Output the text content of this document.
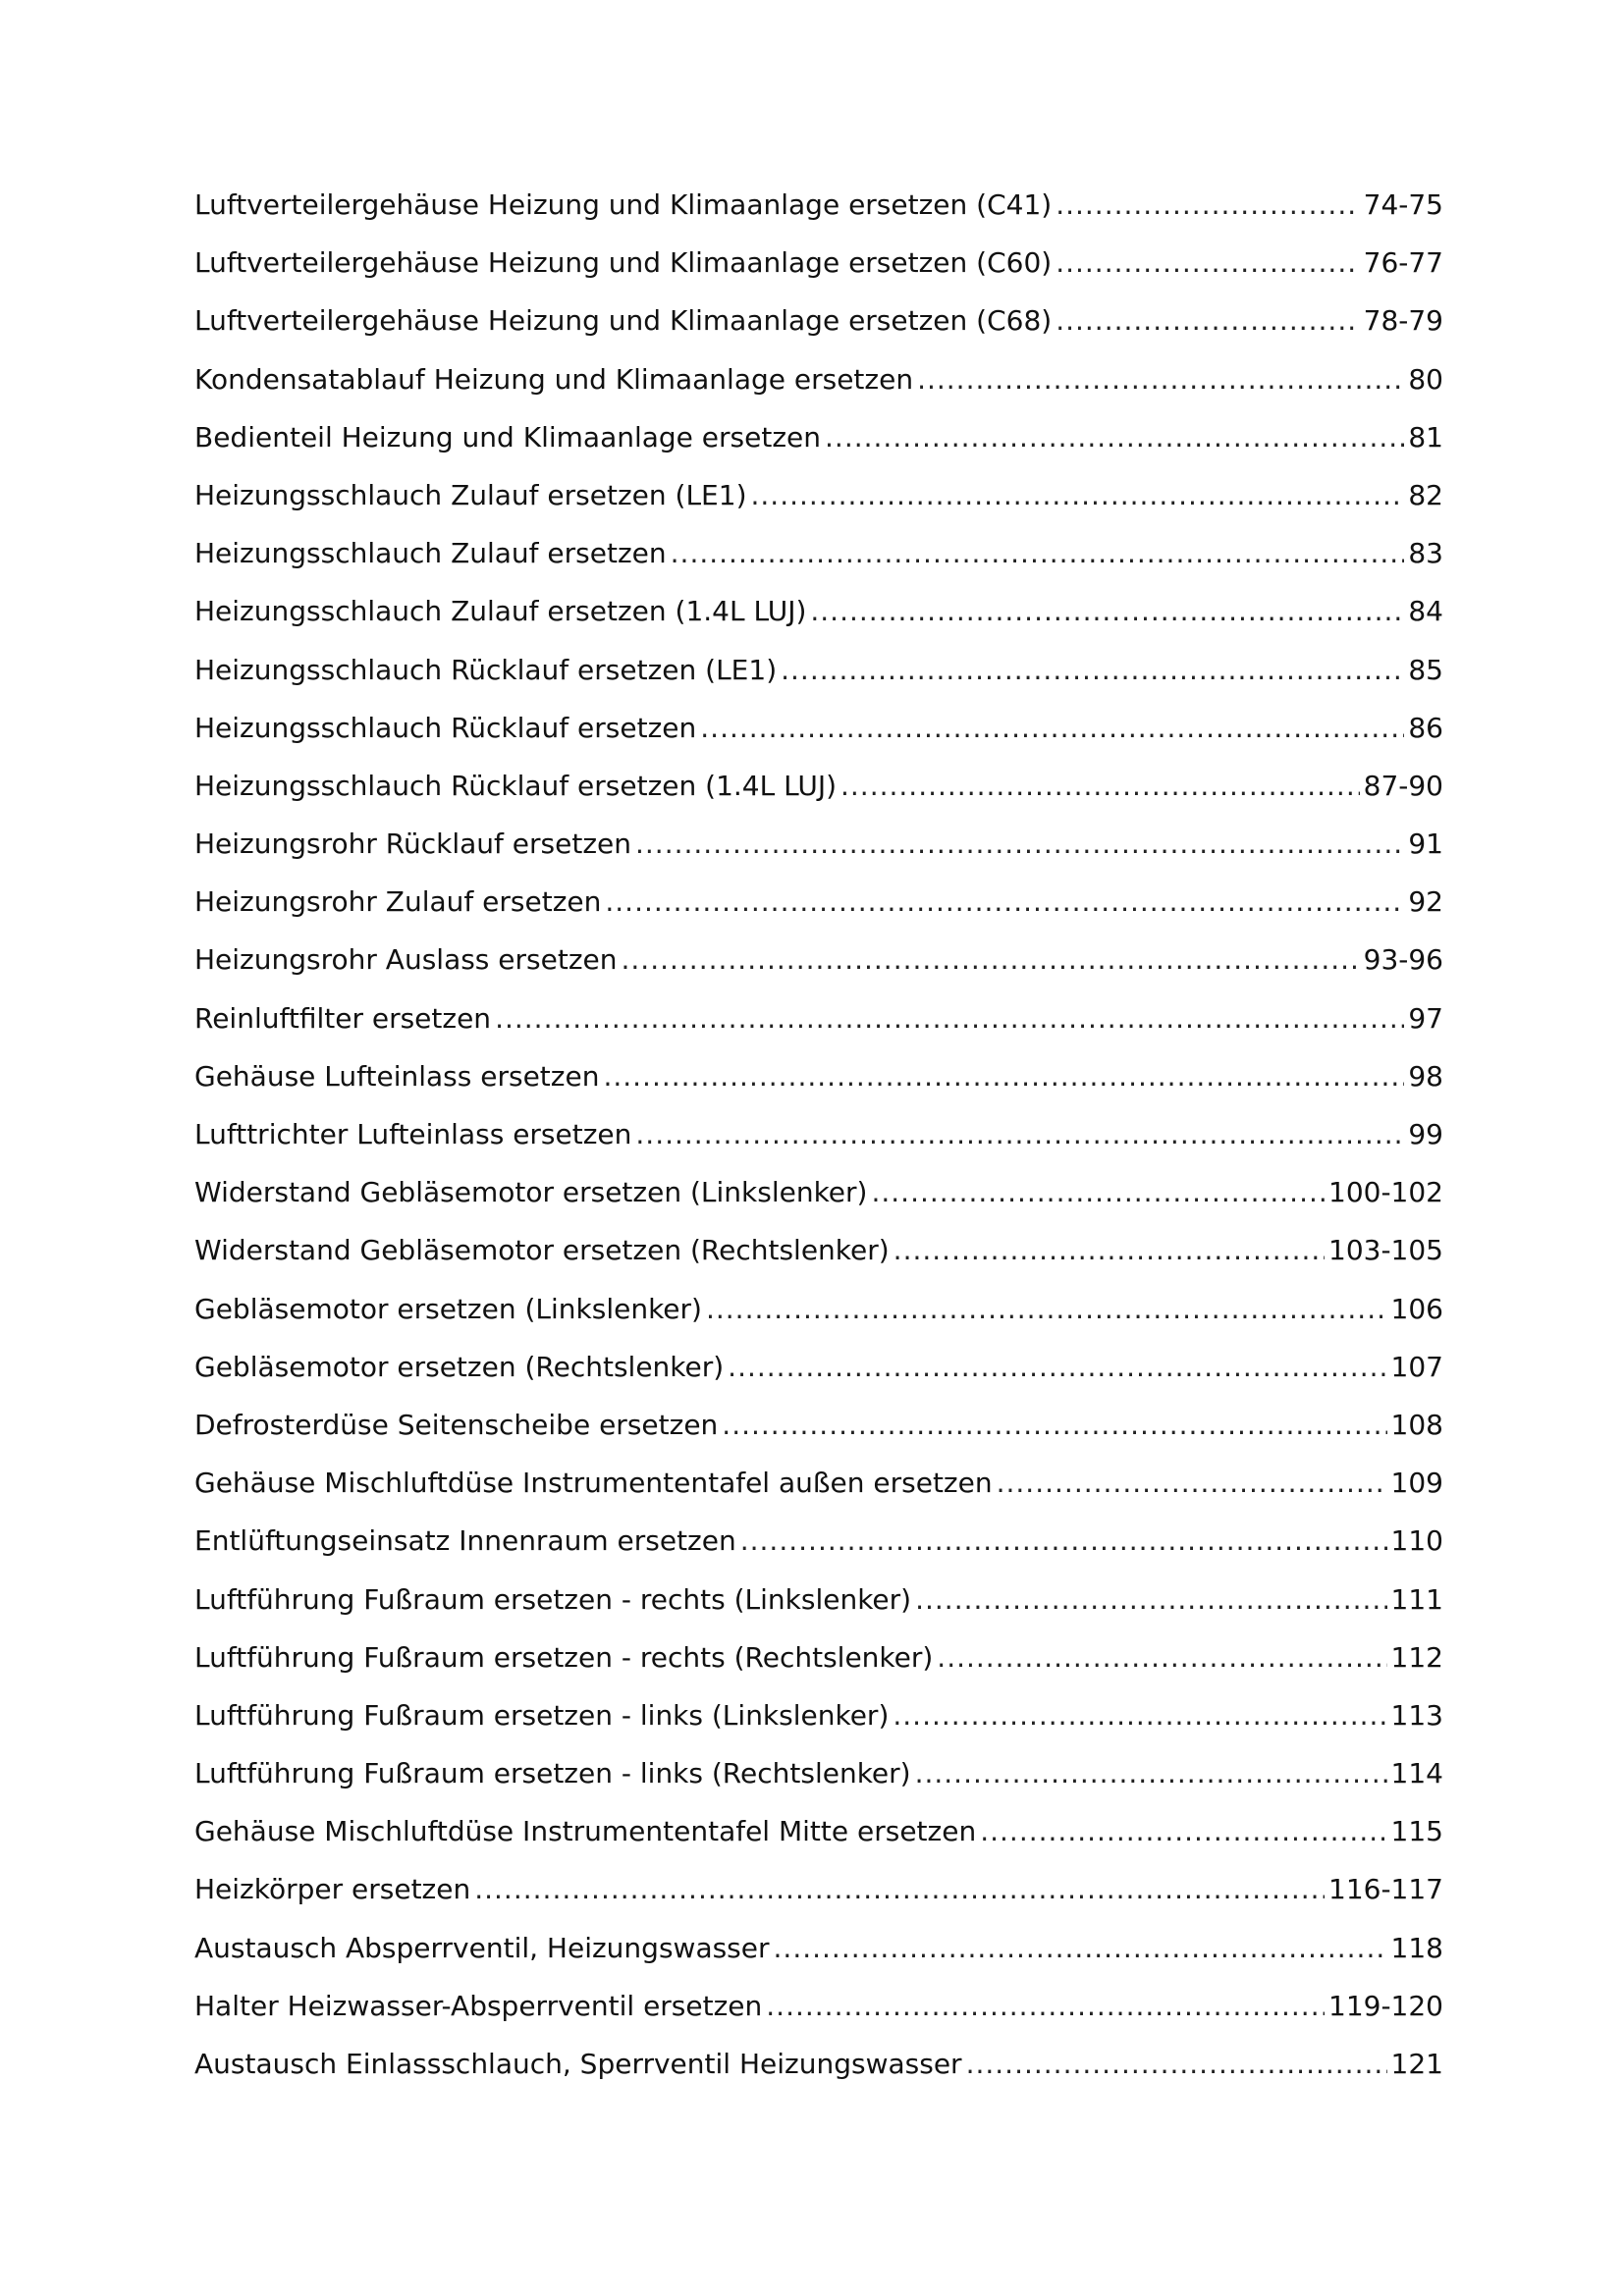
Luftverteilergehäuse Heizung und Klimaanlage ersetzen (C41) .....	74-75
Luftverteilergehäuse Heizung und Klimaanlage ersetzen (C60) .....	76-77
Luftverteilergehäuse Heizung und Klimaanlage ersetzen (C68) .....	78-79
Kondensatablauf Heizung und Klimaanlage ersetzen .....	80
Bedienteil Heizung und Klimaanlage ersetzen .....	81
Heizungsschlauch Zulauf ersetzen (LE1) .....	82
Heizungsschlauch Zulauf ersetzen .....	83
Heizungsschlauch Zulauf ersetzen (1.4L LUJ) .....	84
Heizungsschlauch Rücklauf ersetzen (LE1) .....	85
Heizungsschlauch Rücklauf ersetzen .....	86
Heizungsschlauch Rücklauf ersetzen (1.4L LUJ) .....	87-90
Heizungsrohr Rücklauf ersetzen .....	91
Heizungsrohr Zulauf ersetzen .....	92
Heizungsrohr Auslass ersetzen .....	93-96
Reinluftfilter ersetzen .....	97
Gehäuse Lufteinlass ersetzen .....	98
Lufttrichter Lufteinlass ersetzen .....	99
Widerstand Gebläsemotor ersetzen (Linkslenker) .....	100-102
Widerstand Gebläsemotor ersetzen (Rechtslenker) .....	103-105
Gebläsemotor ersetzen (Linkslenker) .....	106
Gebläsemotor ersetzen (Rechtslenker) .....	107
Defrosterdüse Seitenscheibe ersetzen .....	108
Gehäuse Mischluftdüse Instrumententafel außen ersetzen .....	109
Entlüftungseinsatz Innenraum ersetzen .....	110
Luftführung Fußraum ersetzen - rechts (Linkslenker) .....	111
Luftführung Fußraum ersetzen - rechts (Rechtslenker) .....	112
Luftführung Fußraum ersetzen - links (Linkslenker) .....	113
Luftführung Fußraum ersetzen - links (Rechtslenker) .....	114
Gehäuse Mischluftdüse Instrumententafel Mitte ersetzen .....	115
Heizkörper ersetzen .....	116-117
Austausch Absperrventil, Heizungswasser .....	118
Halter Heizwasser-Absperrventil ersetzen .....	119-120
Austausch Einlassschlauch, Sperrventil Heizungswasser .....	121
